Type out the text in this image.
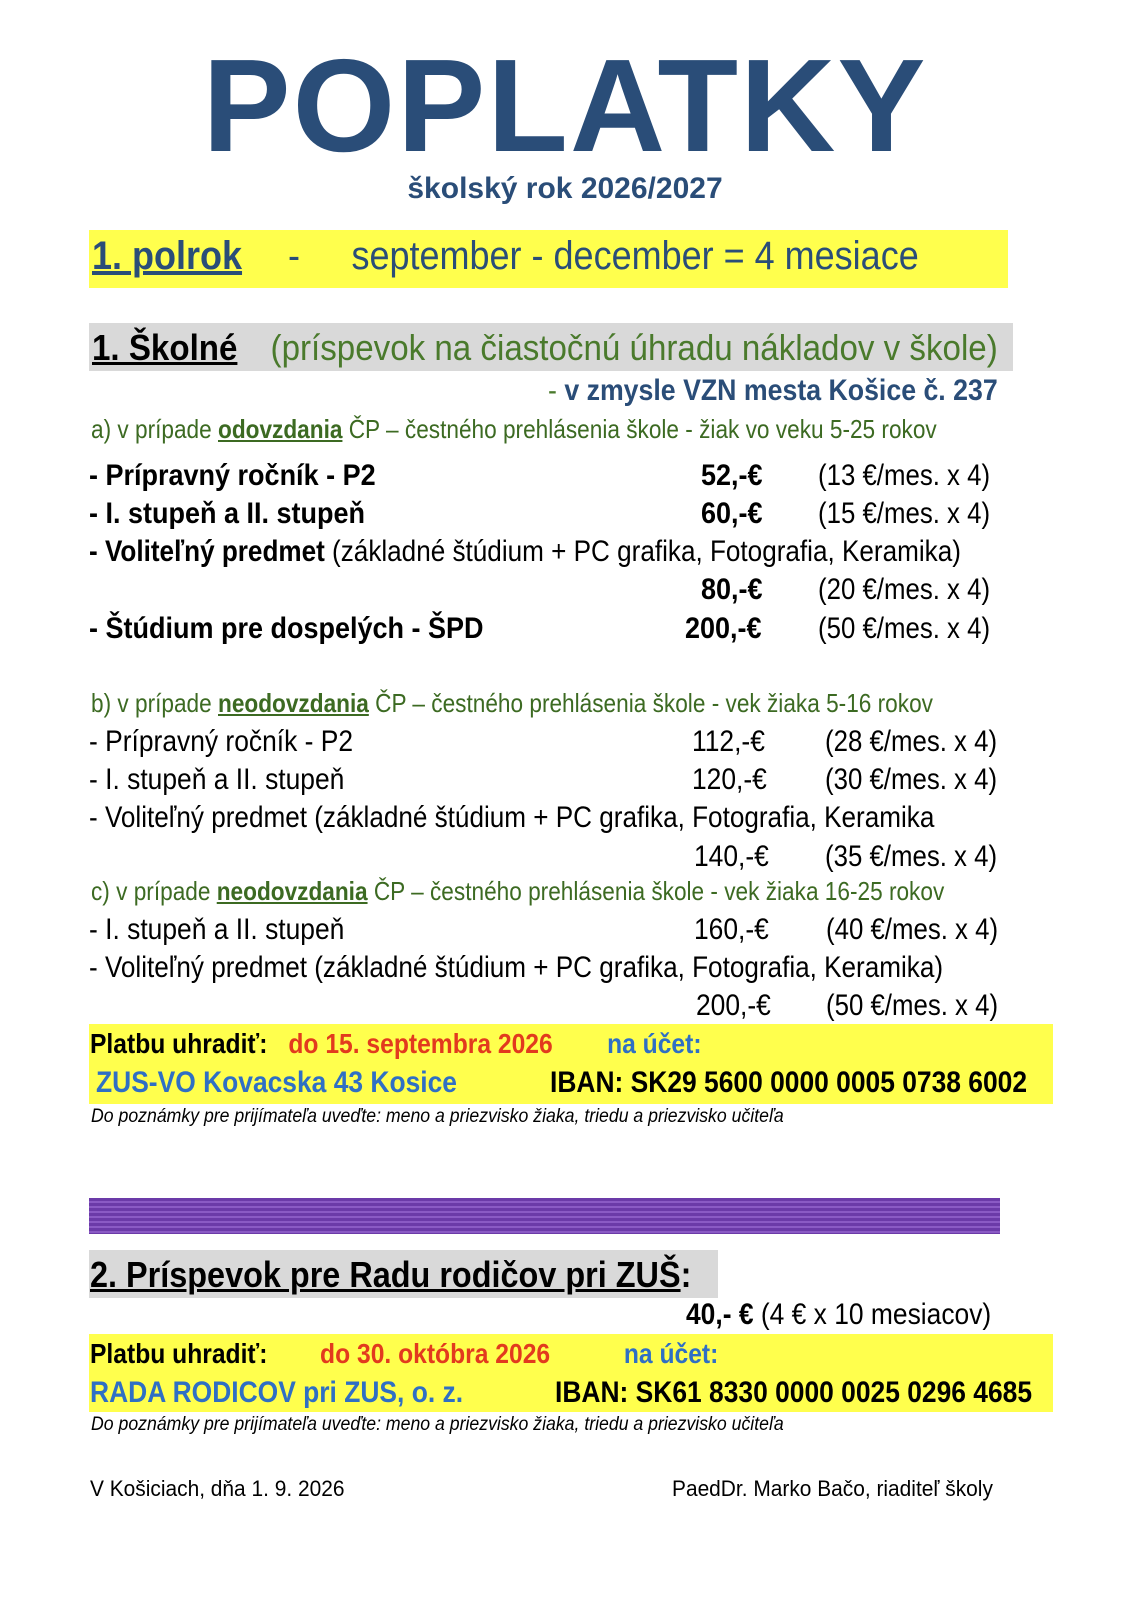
POPLATKY
školský rok 2026/2027
1. polrok - september - december = 4 mesiace
1. Školné (príspevok na čiastočnú úhradu nákladov v škole)
- v zmysle VZN mesta Košice č. 237
a) v prípade odovzdania ČP – čestného prehlásenia škole - žiak vo veku 5-25 rokov
- Prípravný ročník - P2	52,-€ (13 €/mes. x 4)
- I. stupeň a II. stupeň	60,-€ (15 €/mes. x 4)
- Voliteľný predmet (základné štúdium + PC grafika, Fotografia, Keramika)
80,-€ (20 €/mes. x 4)
- Štúdium pre dospelých - ŠPD	200,-€ (50 €/mes. x 4)
b) v prípade neodovzdania ČP – čestného prehlásenia škole - vek žiaka 5-16 rokov
- Prípravný ročník - P2	112,-€ (28 €/mes. x 4)
- I. stupeň a II. stupeň	120,-€ (30 €/mes. x 4)
- Voliteľný predmet (základné štúdium + PC grafika, Fotografia, Keramika
140,-€ (35 €/mes. x 4)
c) v prípade neodovzdania ČP – čestného prehlásenia škole - vek žiaka 16-25 rokov
- I. stupeň a II. stupeň	160,-€ (40 €/mes. x 4)
- Voliteľný predmet (základné štúdium + PC grafika, Fotografia, Keramika)
200,-€ (50 €/mes. x 4)
Platbu uhradiť: do 15. septembra 2026 na účet:
ZUS-VO Kovacska 43 Kosice	IBAN: SK29 5600 0000 0005 0738 6002
Do poznámky pre prijímateľa uveďte: meno a priezvisko žiaka, triedu a priezvisko učiteľa
2. Príspevok pre Radu rodičov pri ZUŠ:
40,- € (4 € x 10 mesiacov)
Platbu uhradiť: do 30. októbra 2026	na účet:
RADA RODICOV pri ZUS, o. z.	IBAN: SK61 8330 0000 0025 0296 4685
Do poznámky pre prijímateľa uveďte: meno a priezvisko žiaka, triedu a priezvisko učiteľa
V Košiciach, dňa 1. 9. 2026	PaedDr. Marko Bačo, riaditeľ školy
